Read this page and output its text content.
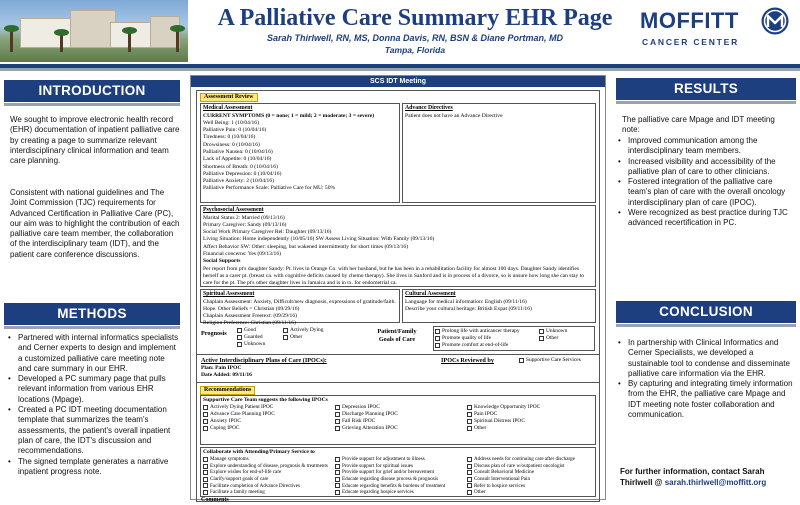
A Palliative Care Summary EHR Page
Sarah Thirlwell, RN, MS, Donna Davis, RN, BSN & Diane Portman, MD
Tampa, Florida
MOFFITT
CANCER CENTER
INTRODUCTION
We sought to improve electronic health record (EHR) documentation of inpatient palliative care by creating a page to summarize relevant interdisciplinary clinical information and team care planning.
Consistent with national guidelines and The Joint Commission (TJC) requirements for Advanced Certification in Palliative Care (PC), our aim was to highlight the contribution of each palliative care team member, the collaboration of the interdisciplinary team (IDT), and the patient care conference discussions.
METHODS
• Partnered with internal informatics specialists and Cerner experts to design and implement a customized palliative care meeting note and care summary in our EHR.
• Developed a PC summary page that pulls relevant information from various EHR locations (Mpage).
• Created a PC IDT meeting documentation template that summarizes the team's assessments, the patient's overall inpatient plan of care, the IDT's discussion and recommendations.
• The signed template generates a narrative inpatient progress note.
RESULTS
The palliative care Mpage and IDT meeting note:
• Improved communication among the interdisciplinary team members.
• Increased visibility and accessibility of the palliative plan of care to other clinicians.
• Fostered integration of the palliative care team's plan of care with the overall oncology interdisciplinary plan of care (IPOC).
• Were recognized as best practice during TJC advanced recertification in PC.
CONCLUSION
• In partnership with Clinical Informatics and Cerner Specialists, we developed a sustainable tool to condense and disseminate palliative care information via the EHR.
• By capturing and integrating timely information from the EHR, the palliative care Mpage and IDT meeting note foster collaboration and communication.
For further information, contact Sarah Thirlwell @ sarah.thirlwell@moffitt.org
SCS IDT Meeting
Assessment Review
Medical Assessment
CURRENT SYMPTOMS (0 = none; 1 = mild; 2 = moderate; 3 = severe)
Well Being: 1 (10/04/16)
Palliative Pain: 0 (10/04/16)
Tiredness: 0 (10/04/16)
Drowsiness: 0 (10/04/16)
Palliative Nausea: 0 (10/04/16)
Lack of Appetite: 0 (10/04/16)
Shortness of Breath: 0 (10/04/16)
Palliative Depression: 0 (10/04/16)
Palliative Anxiety: 2 (10/04/16)
Palliative Performance Scale: Palliative Care for MU: 50%
Advance Directives
Patient does not have an Advance Directive
Psychosocial Assessment
Marital Status 2: Married (09/13/16)
Primary Caregiver: Sandy (09/13/16)
Social Work Primary Caregiver Rel: Daughter (09/13/16)
Living Situation: Home independently (10/05/16) SW Assess Living Situation: With Family (09/13/16)
Affect Behavior SW: Other: sleeping, but wakened intermittently for short times (09/13/16)
Financial concerns: Yes (09/13/16)
Social Supports
Per report from pt's daughter Sandy: Pt. lives in Orange Co. with her husband, but he has been in a rehabilitation facility for almost 100 days. Daughter Sandy identifies herself as a carer pt. (breast ca. with cognitive deficits caused by chemo therapy). She lives in Sanford and is in process of a divorce, so is unsure how long she can stay to care for the pt. The pt's other daughter lives in Jamaica and is in tx. for endometrial ca.
Spiritual Assessment
Chaplain Assessment: Anxiety, Difficult/new diagnosis, expressions of gratitude/faith. Hope. Other Beliefs = Christian (09/29/16)
Chaplain Assessment Freetext: (09/29/16)
Religion Preference: Christian (09/11/16)
Cultural Assessment
Language for medical information: English (09/11/16)
Describe your cultural heritage: British Expat (09/11/16)
Prognosis	Good	Actively Dying
Guarded	Other
Unknown
Patient/Family Goals of Care
Prolong life with anticancer therapy	Unknown
Promote quality of life	Other
Promote comfort at end-of-life
Active Interdisciplinary Plans of Care (IPOCs):
Plan: Pain IPOC
Date Added: 09/11/16
IPOCs Reviewed by	Supportive Care Services
Recommendations
Supportive Care Team suggests the following IPOCs
Actively Dying Patient IPOC	Depression IPOC	Knowledge Opportunity IPOC
Advance Care Planning IPOC	Discharge Planning IPOC	Pain IPOC
Anxiety IPOC	Fall Risk IPOC	Spiritual Distress IPOC
Coping IPOC	Grieving Alteration IPOC	Other
Collaborate with Attending/Primary Service to
Manage symptoms	Provide support for adjustment to illness	Address needs for continuing care after discharge
Explore understanding of disease, prognosis & treatments	Provide support for spiritual issues	Discuss plan of care w/outpatient oncologist
Explore wishes for end-of-life care	Provide support for grief and/or bereavement	Consult Behavioral Medicine
Clarify/support goals of care	Educate regarding disease process & prognosis	Consult Interventional Pain
Facilitate completion of Advance Directives	Educate regarding benefits & burdens of treatment	Refer to hospice services
Facilitate a family meeting	Educate regarding hospice services	Other
Comments
